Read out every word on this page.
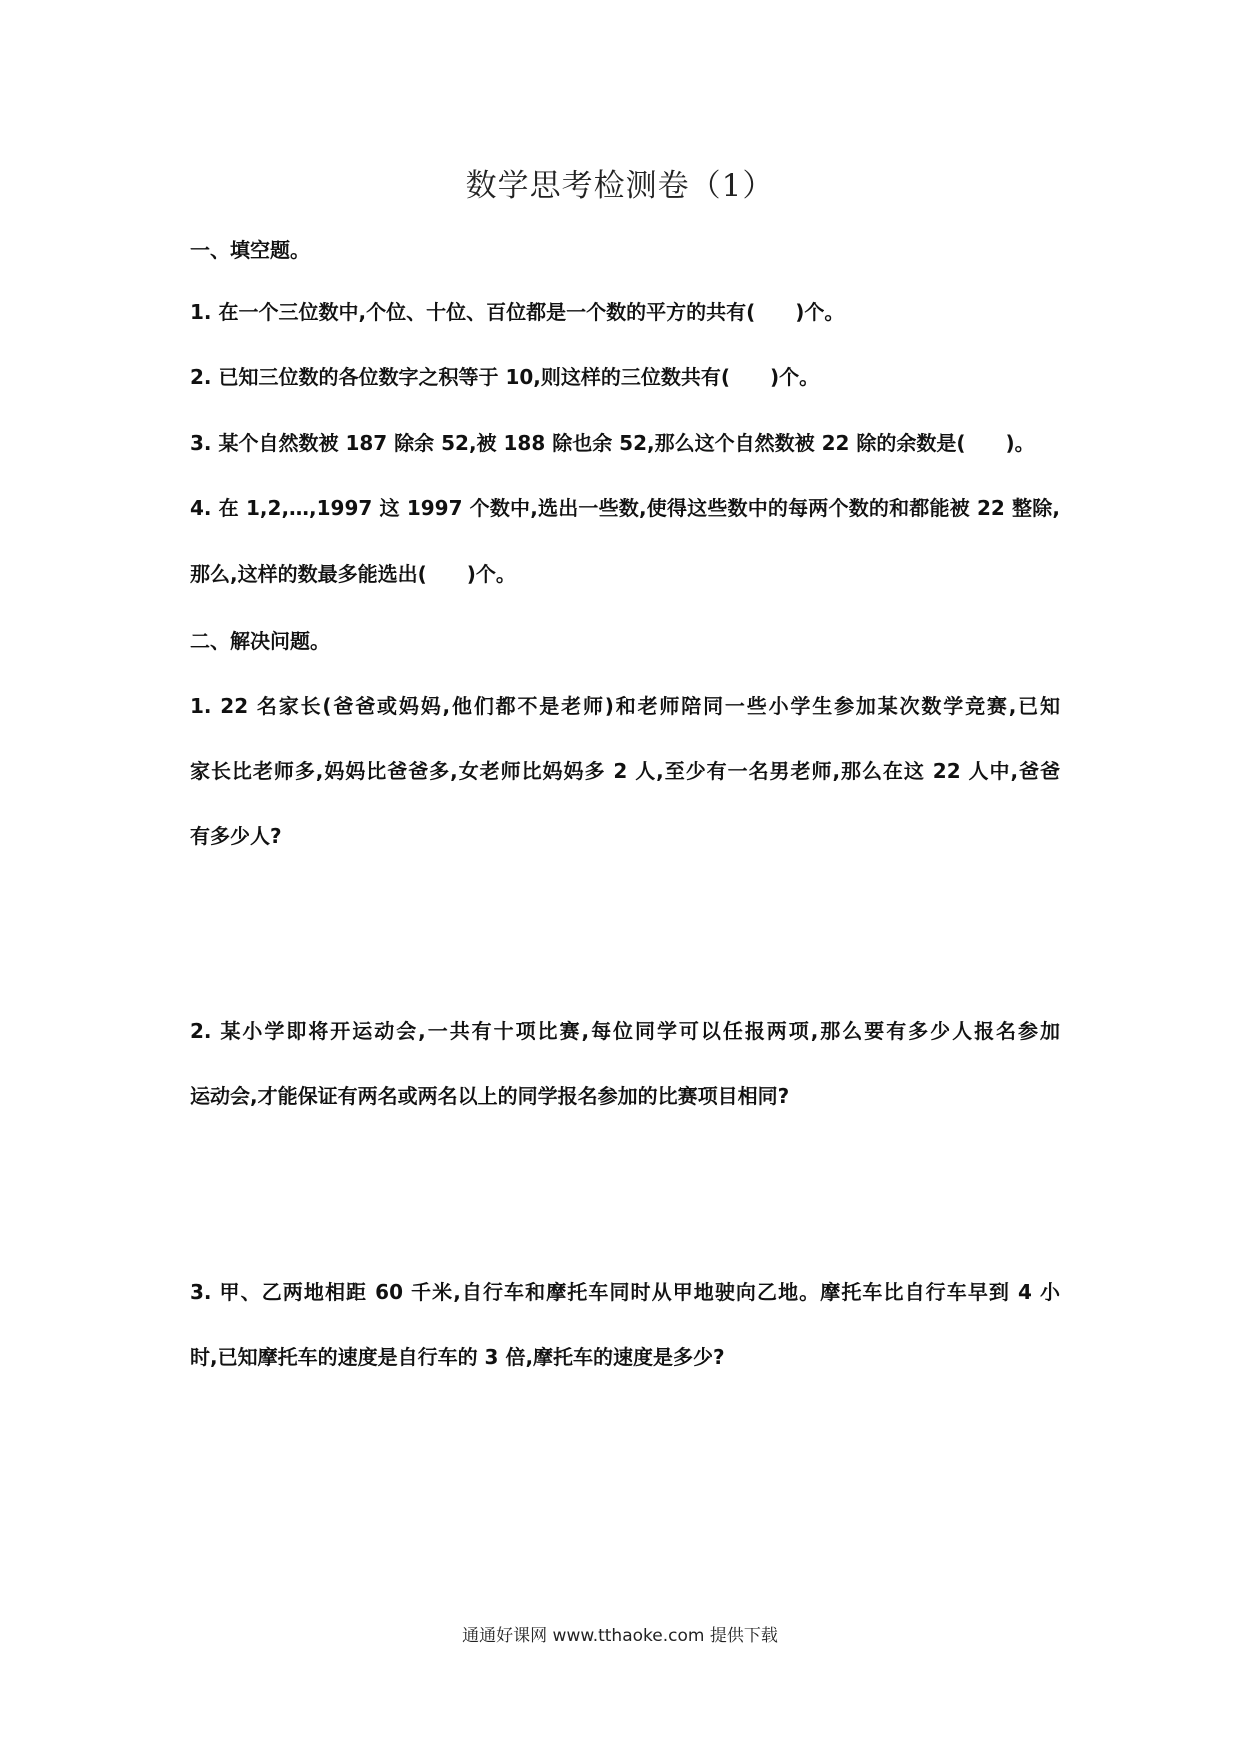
数学思考检测卷（1）
一、填空题。
1. 在一个三位数中,个位、十位、百位都是一个数的平方的共有(　　)个。
2. 已知三位数的各位数字之积等于 10,则这样的三位数共有(　　)个。
3. 某个自然数被 187 除余 52,被 188 除也余 52,那么这个自然数被 22 除的余数是(　　)。
4. 在 1,2,…,1997 这 1997 个数中,选出一些数,使得这些数中的每两个数的和都能被 22 整除,
那么,这样的数最多能选出(　　)个。
二、解决问题。
1. 22 名家长(爸爸或妈妈,他们都不是老师)和老师陪同一些小学生参加某次数学竞赛,已知
家长比老师多,妈妈比爸爸多,女老师比妈妈多 2 人,至少有一名男老师,那么在这 22 人中,爸爸
有多少人?
2. 某小学即将开运动会,一共有十项比赛,每位同学可以任报两项,那么要有多少人报名参加
运动会,才能保证有两名或两名以上的同学报名参加的比赛项目相同?
3. 甲、乙两地相距 60 千米,自行车和摩托车同时从甲地驶向乙地。摩托车比自行车早到 4 小
时,已知摩托车的速度是自行车的 3 倍,摩托车的速度是多少?
通通好课网 www.tthaoke.com 提供下载
